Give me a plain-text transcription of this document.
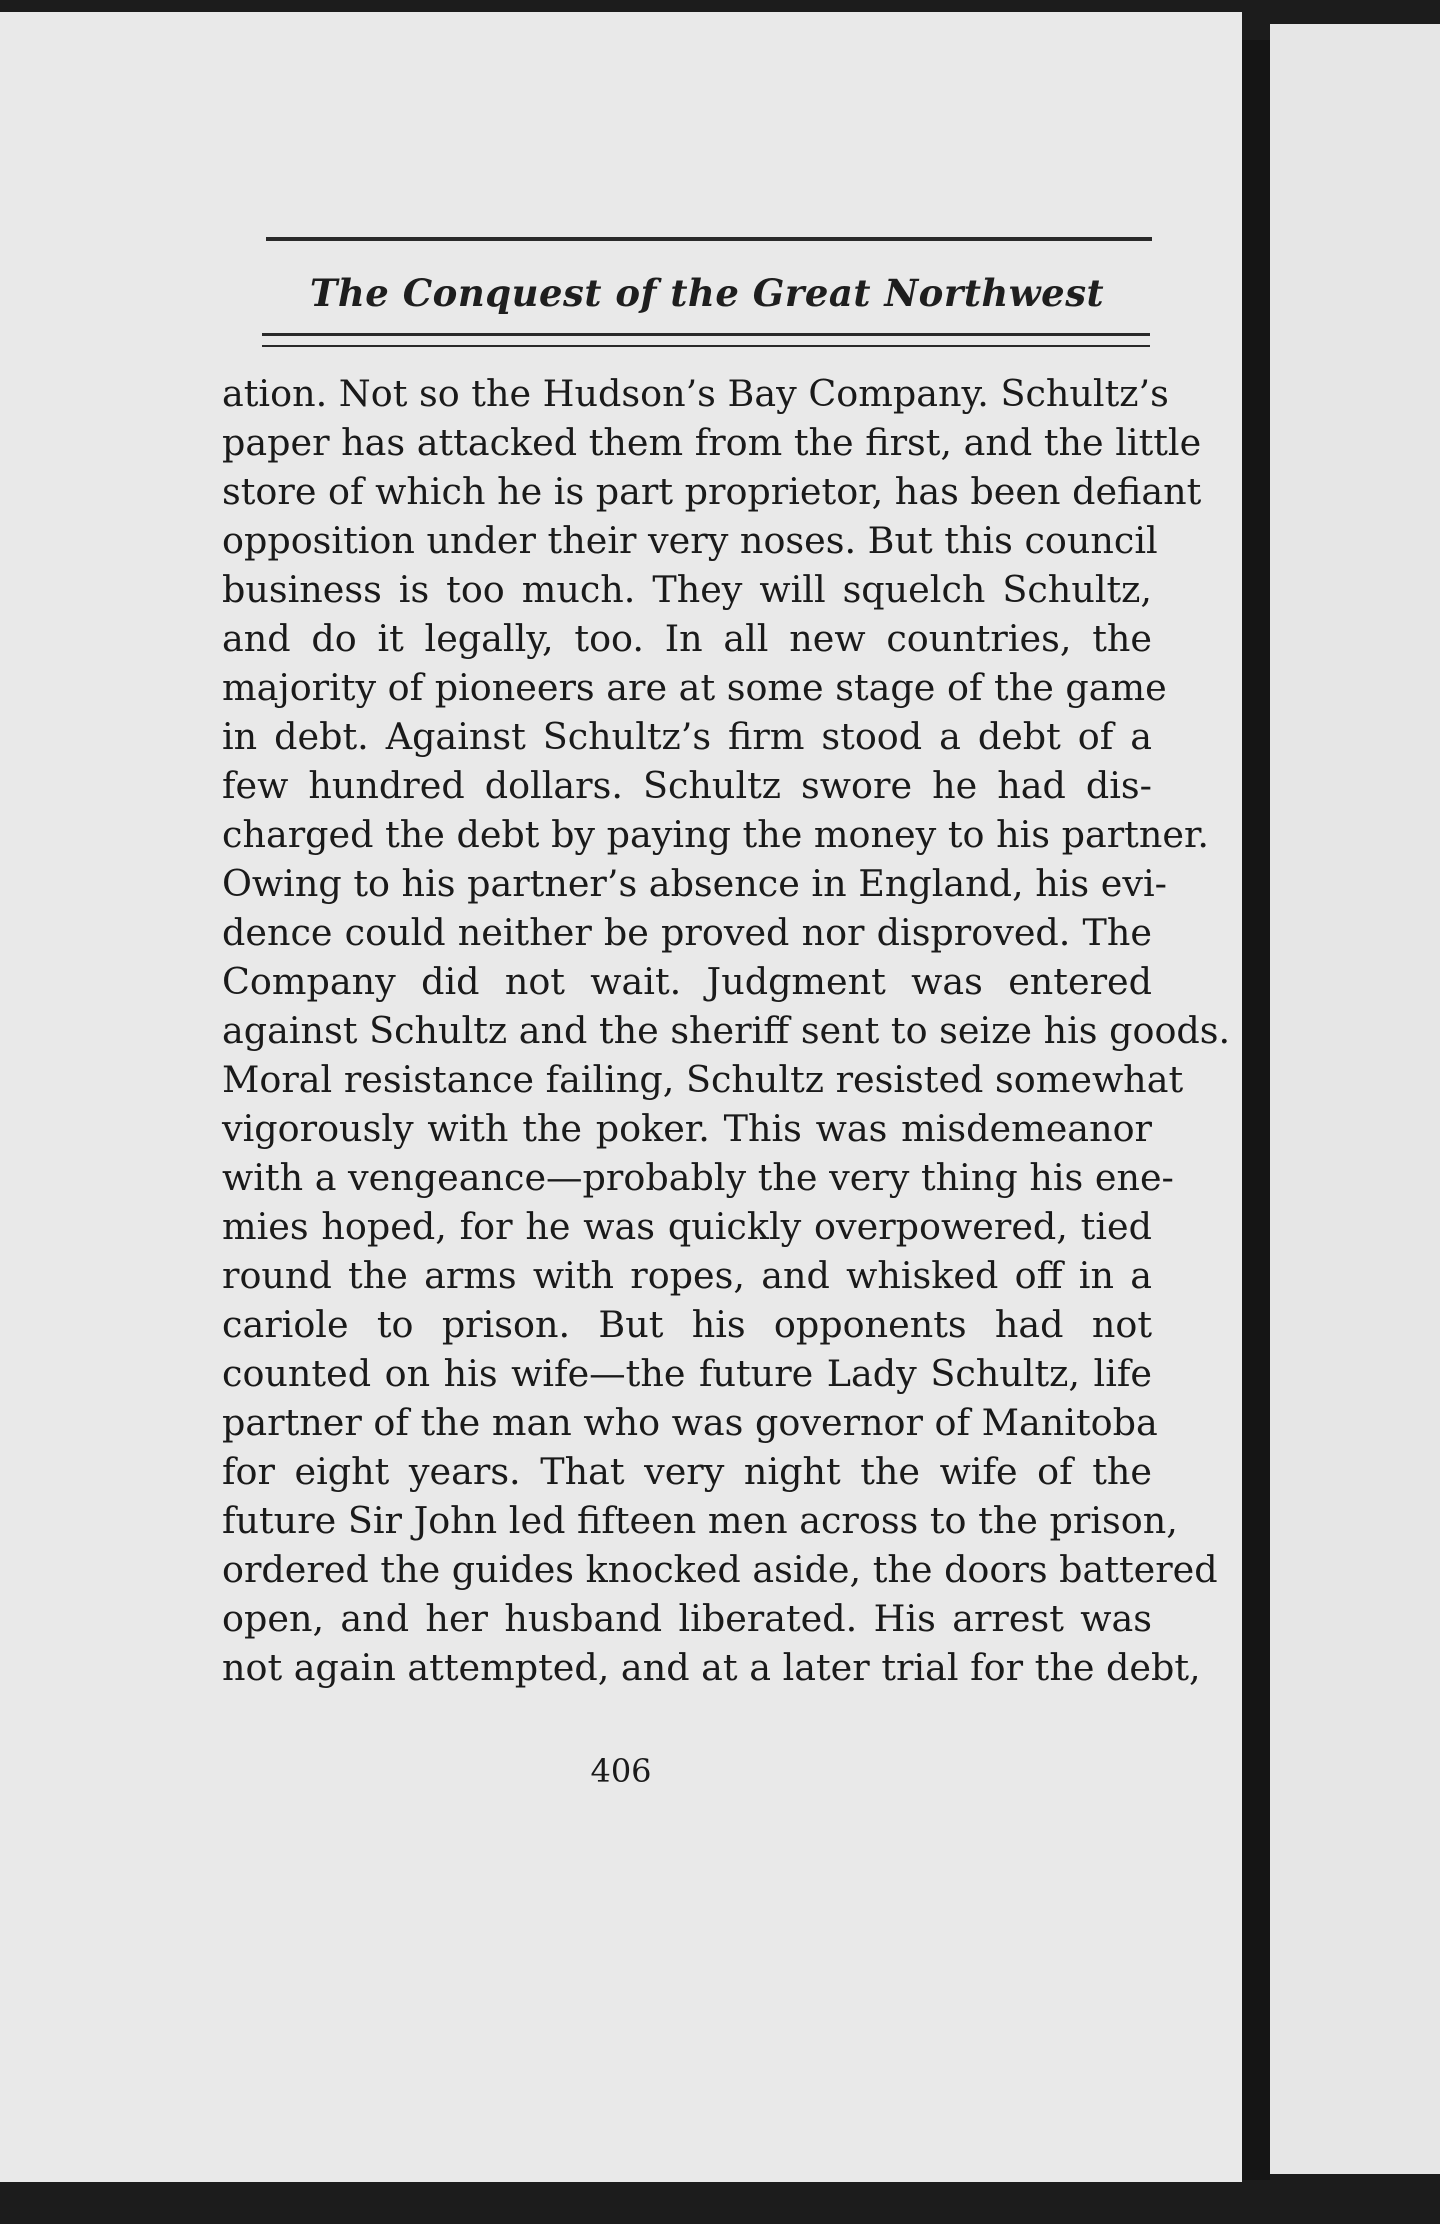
The Conquest of the Great Northwest
ation. Not so the Hudson’s Bay Company. Schultz’s
paper has attacked them from the first, and the little
store of which he is part proprietor, has been defiant
opposition under their very noses. But this council
business is too much. They will squelch Schultz,
and do it legally, too. In all new countries, the
majority of pioneers are at some stage of the game
in debt. Against Schultz’s firm stood a debt of a
few hundred dollars. Schultz swore he had dis-
charged the debt by paying the money to his partner.
Owing to his partner’s absence in England, his evi-
dence could neither be proved nor disproved. The
Company did not wait. Judgment was entered
against Schultz and the sheriff sent to seize his goods.
Moral resistance failing, Schultz resisted somewhat
vigorously with the poker. This was misdemeanor
with a vengeance—probably the very thing his ene-
mies hoped, for he was quickly overpowered, tied
round the arms with ropes, and whisked off in a
cariole to prison. But his opponents had not
counted on his wife—the future Lady Schultz, life
partner of the man who was governor of Manitoba
for eight years. That very night the wife of the
future Sir John led fifteen men across to the prison,
ordered the guides knocked aside, the doors battered
open, and her husband liberated. His arrest was
not again attempted, and at a later trial for the debt,
406
